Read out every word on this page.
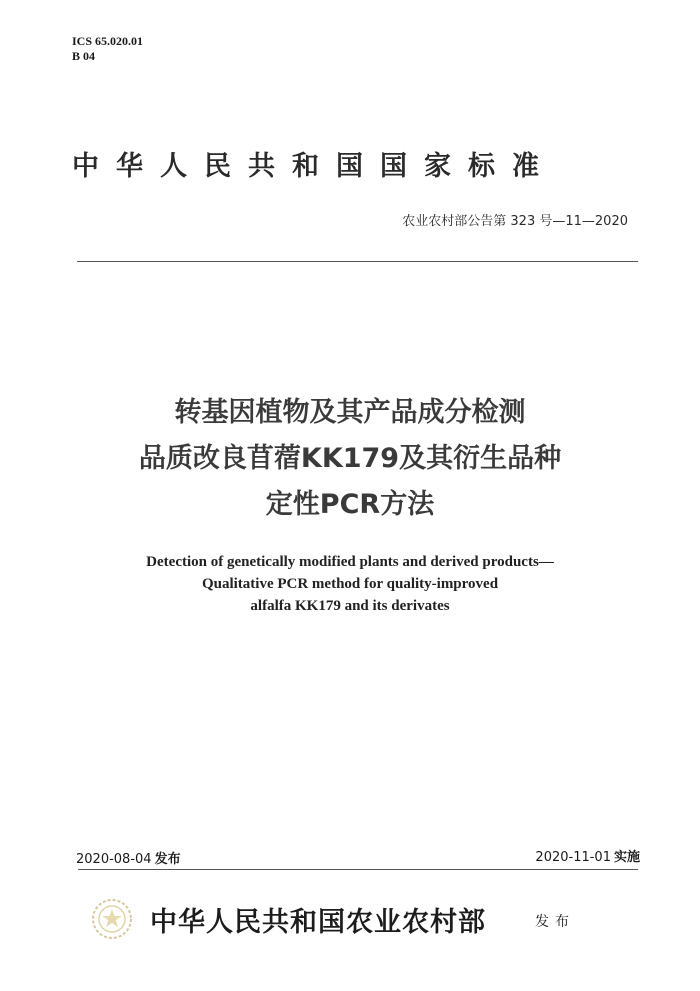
ICS 65.020.01
B 04
中华人民共和国国家标准
农业农村部公告第 323 号—11—2020
转基因植物及其产品成分检测
品质改良苜蓿KK179及其衍生品种
定性PCR方法
Detection of genetically modified plants and derived products—
Qualitative PCR method for quality-improved
alfalfa KK179 and its derivates
2020-08-04 发布	2020-11-01 实施
中华人民共和国农业农村部	发布
